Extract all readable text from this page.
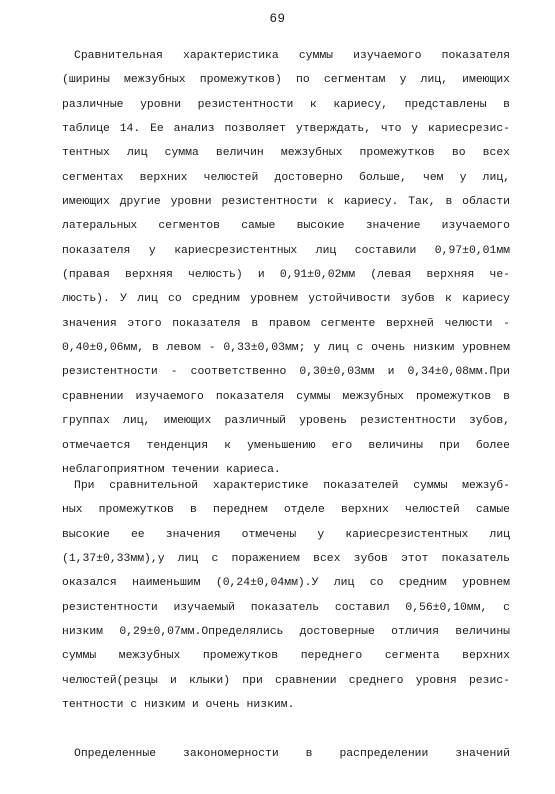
69
Сравнительная характеристика суммы изучаемого показателя
(ширины межзубных промежутков) по сегментам у лиц, имеющих
различные уровни резистентности к кариесу, представлены в
таблице 14. Ее анализ позволяет утверждать, что у кариесрезис-
тентных лиц сумма величин межзубных промежутков во всех
сегментах верхних челюстей достоверно больше, чем у лиц,
имеющих другие уровни резистентности к кариесу. Так, в области
латеральных сегментов самые высокие значение изучаемого
показателя у кариесрезистентных лиц составили 0,97±0,01мм
(правая верхняя челюсть) и 0,91±0,02мм (левая верхняя че-
люсть). У лиц со средним уровнем устойчивости зубов к кариесу
значения этого показателя в правом сегменте верхней челюсти -
0,40±0,06мм, в левом - 0,33±0,03мм; у лиц с очень низким уровнем
резистентности - соответственно 0,30±0,03мм и 0,34±0,08мм.При
сравнении изучаемого показателя суммы межзубных промежутков в
группах лиц, имеющих различный уровень резистентности зубов,
отмечается тенденция к уменьшению его величины при более
неблагоприятном течении кариеса.
При сравнительной характеристике показателей суммы межзуб-
ных промежутков в переднем отделе верхних челюстей самые
высокие ее значения отмечены у кариесрезистентных лиц
(1,37±0,33мм),у лиц с поражением всех зубов этот показатель
оказался наименьшим (0,24±0,04мм).У лиц со средним уровнем
резистентности изучаемый показатель составил 0,56±0,10мм, с
низким 0,29±0,07мм.Определялись достоверные отличия величины
суммы межзубных промежутков переднего сегмента верхних
челюстей(резцы и клыки) при сравнении среднего уровня резис-
тентности с низким и очень низким.
Определенные закономерности в распределении значений
